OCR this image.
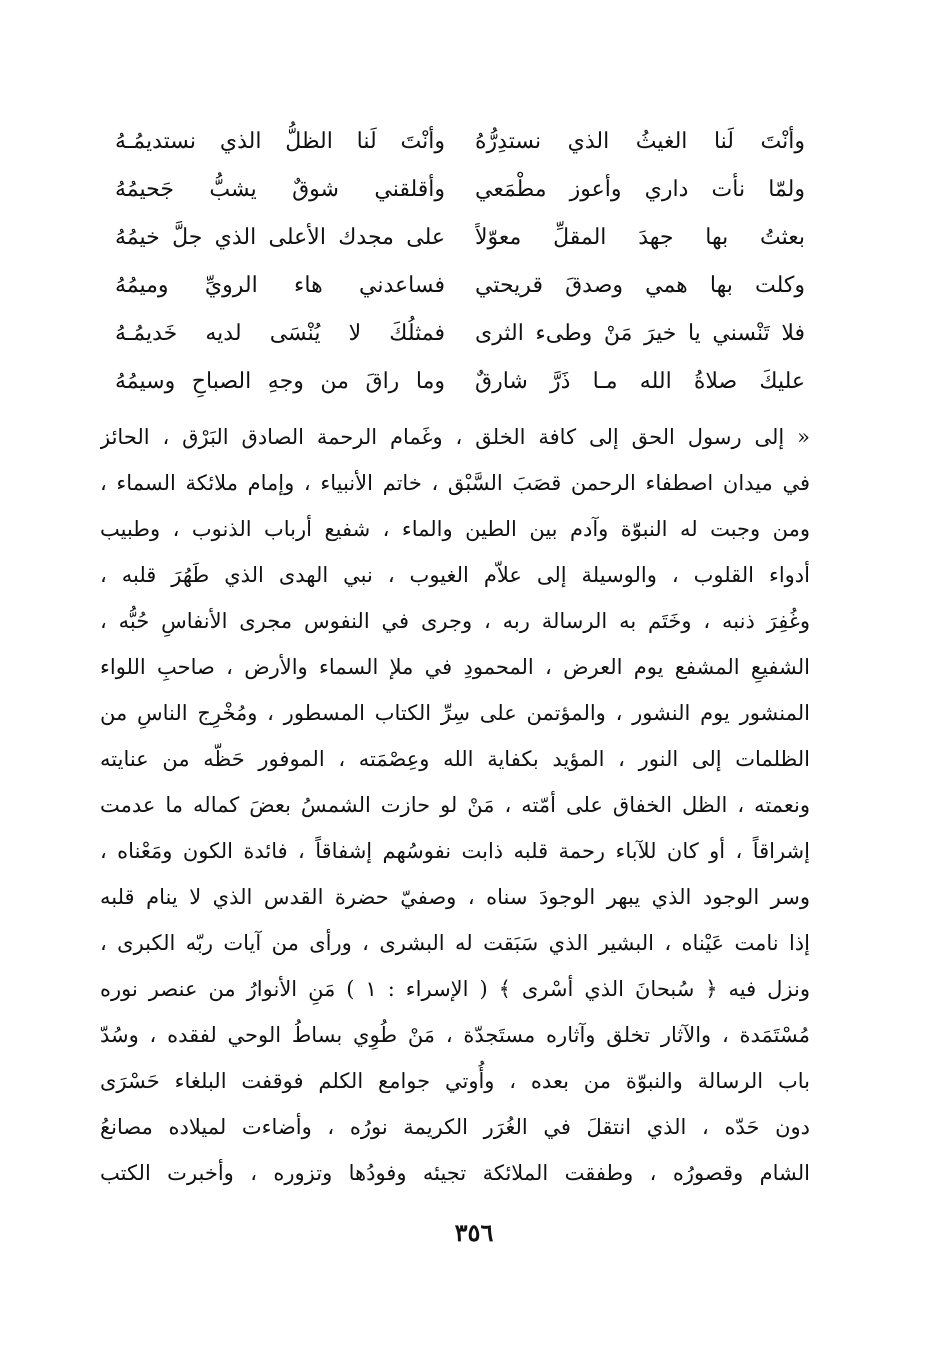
وأنْتَ لَنا الغيثُ الذي نستدِرُّهُ
وأنْتَ لَنا الظلُّ الذي نستديمُـهُ
ولمّا نأت داري وأعوز مطْمَعي
وأقلقني شوقٌ يشبُّ جَحيمُهُ
بعثتُ بها جهدَ المقلِّ معوّلاً
على مجدك الأعلى الذي جلَّ خيمُهُ
وكلت بها همي وصدقَ قريحتي
فساعدني هاء الرويِّ وميمُهُ
فلا تَنْسني يا خيرَ مَنْ وطىء الثرى
فمثلُكَ لا يُنْسَى لديه خَديمُـهُ
عليكَ صلاةُ الله مـا ذَرَّ شارقٌ
وما راقَ من وجهِ الصباحِ وسيمُهُ
« إلى رسول الحق إلى كافة الخلق ، وغَمام الرحمة الصادق البَرْق ، الحائز
في ميدان اصطفاء الرحمن قصَبَ السَّبْق ، خاتم الأنبياء ، وإمام ملائكة السماء ،
ومن وجبت له النبوّة وآدم بين الطين والماء ، شفيع أرباب الذنوب ، وطبيب
أدواء القلوب ، والوسيلة إلى علاّم الغيوب ، نبي الهدى الذي طَهُرَ قلبه ،
وغُفِرَ ذنبه ، وخَتَم به الرسالة ربه ، وجرى في النفوس مجرى الأنفاسِ حُبُّه ،
الشفيعِ المشفع يوم العرض ، المحمودِ في ملإ السماء والأرض ، صاحبِ اللواء
المنشور يوم النشور ، والمؤتمن على سِرِّ الكتاب المسطور ، ومُخْرِج الناسِ من
الظلمات إلى النور ، المؤيد بكفاية الله وعِصْمَته ، الموفور حَظّه من عنايته
ونعمته ، الظل الخفاق على أمّته ، مَنْ لو حازت الشمسُ بعضَ كماله ما عدمت
إشراقاً ، أو كان للآباء رحمة قلبه ذابت نفوسُهم إشفاقاً ، فائدة الكون ومَعْناه ،
وسر الوجود الذي يبهر الوجودَ سناه ، وصفيّ حضرة القدس الذي لا ينام قلبه
إذا نامت عَيْناه ، البشير الذي سَبَقت له البشرى ، ورأى من آيات ربّه الكبرى ،
ونزل فيه ﴿ سُبحانَ الذي أسْرى ﴾ ( الإسراء : ١ ) مَنِ الأنوارُ من عنصر نوره
مُسْتَمَدة ، والآثار تخلق وآثاره مستَجدّة ، مَنْ طُوِي بساطُ الوحي لفقده ، وسُدّ
باب الرسالة والنبوّة من بعده ، وأُوتي جوامع الكلم فوقفت البلغاء حَسْرَى
دون حَدّه ، الذي انتقلَ في الغُرَر الكريمة نورُه ، وأضاءت لميلاده مصانعُ
الشام وقصورُه ، وطفقت الملائكة تجيئه وفودُها وتزوره ، وأخبرت الكتب
٣٥٦
